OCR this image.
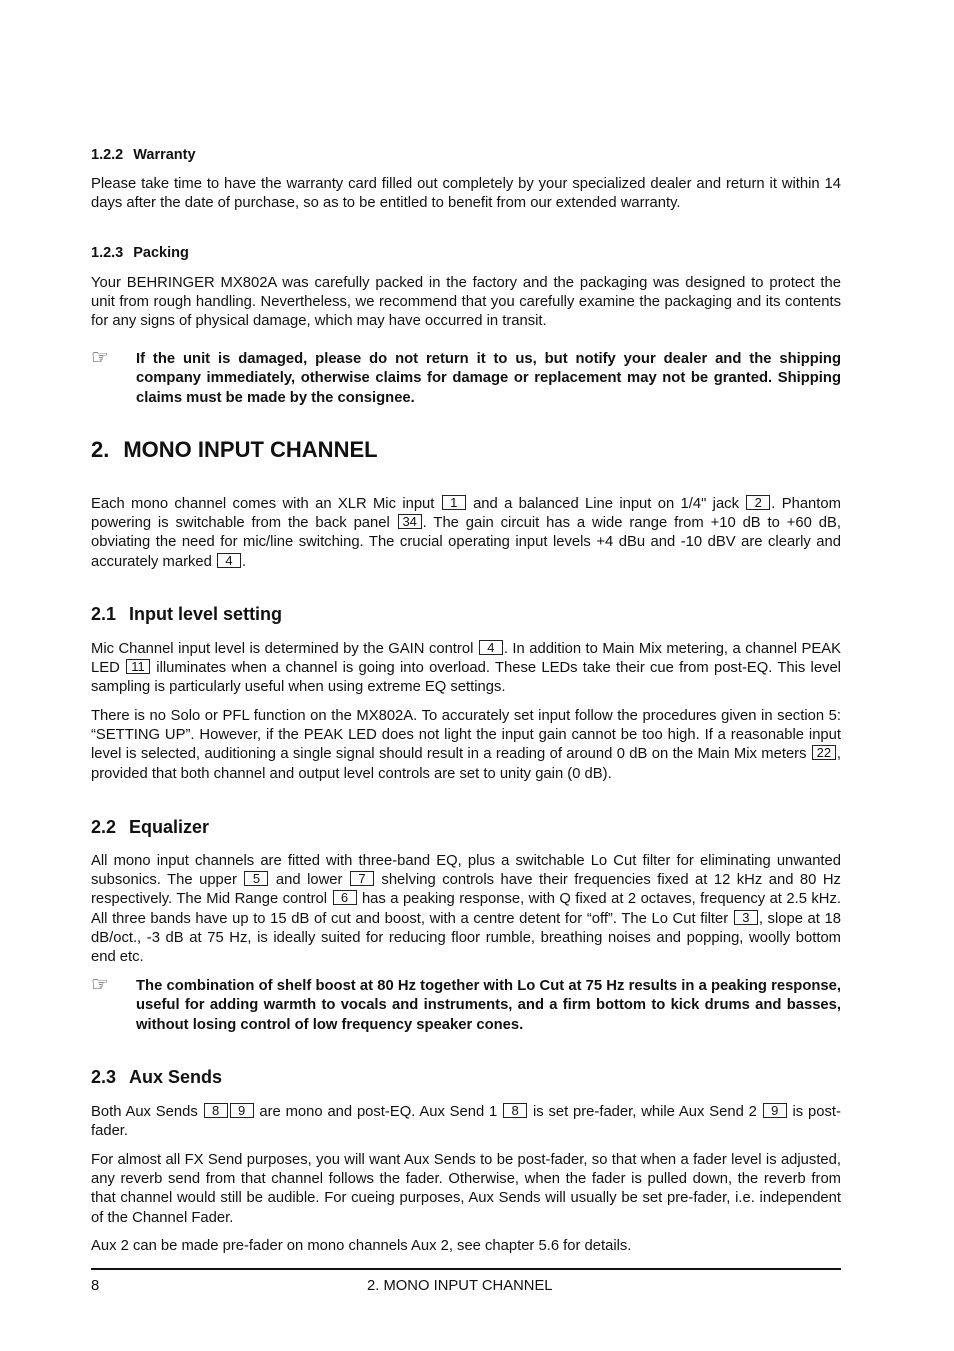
1.2.2 Warranty
Please take time to have the warranty card filled out completely by your specialized dealer and return it within 14 days after the date of purchase, so as to be entitled to benefit from our extended warranty.
1.2.3 Packing
Your BEHRINGER MX802A was carefully packed in the factory and the packaging was designed to protect the unit from rough handling. Nevertheless, we recommend that you carefully examine the packaging and its contents for any signs of physical damage, which may have occurred in transit.
☞ If the unit is damaged, please do not return it to us, but notify your dealer and the shipping company immediately, otherwise claims for damage or replacement may not be granted. Shipping claims must be made by the consignee.
2. MONO INPUT CHANNEL
Each mono channel comes with an XLR Mic input 1 and a balanced Line input on 1/4" jack 2 . Phantom powering is switchable from the back panel 34 . The gain circuit has a wide range from +10 dB to +60 dB, obviating the need for mic/line switching. The crucial operating input levels +4 dBu and -10 dBV are clearly and accurately marked 4 .
2.1 Input level setting
Mic Channel input level is determined by the GAIN control 4 . In addition to Main Mix metering, a channel PEAK LED 11 illuminates when a channel is going into overload. These LEDs take their cue from post-EQ. This level sampling is particularly useful when using extreme EQ settings.
There is no Solo or PFL function on the MX802A. To accurately set input follow the procedures given in section 5: “SETTING UP”. However, if the PEAK LED does not light the input gain cannot be too high. If a reasonable input level is selected, auditioning a single signal should result in a reading of around 0 dB on the Main Mix meters 22 , provided that both channel and output level controls are set to unity gain (0 dB).
2.2 Equalizer
All mono input channels are fitted with three-band EQ, plus a switchable Lo Cut filter for eliminating unwanted subsonics. The upper 5 and lower 7 shelving controls have their frequencies fixed at 12 kHz and 80 Hz respectively. The Mid Range control 6 has a peaking response, with Q fixed at 2 octaves, frequency at 2.5 kHz. All three bands have up to 15 dB of cut and boost, with a centre detent for “off”. The Lo Cut filter 3 , slope at 18 dB/oct., -3 dB at 75 Hz, is ideally suited for reducing floor rumble, breathing noises and popping, woolly bottom end etc.
☞ The combination of shelf boost at 80 Hz together with Lo Cut at 75 Hz results in a peaking response, useful for adding warmth to vocals and instruments, and a firm bottom to kick drums and basses, without losing control of low frequency speaker cones.
2.3 Aux Sends
Both Aux Sends 8 9 are mono and post-EQ. Aux Send 1 8 is set pre-fader, while Aux Send 2 9 is post-fader.
For almost all FX Send purposes, you will want Aux Sends to be post-fader, so that when a fader level is adjusted, any reverb send from that channel follows the fader. Otherwise, when the fader is pulled down, the reverb from that channel would still be audible. For cueing purposes, Aux Sends will usually be set pre-fader, i.e. independent of the Channel Fader.
Aux 2 can be made pre-fader on mono channels Aux 2, see chapter 5.6 for details.
8	2. MONO INPUT CHANNEL
